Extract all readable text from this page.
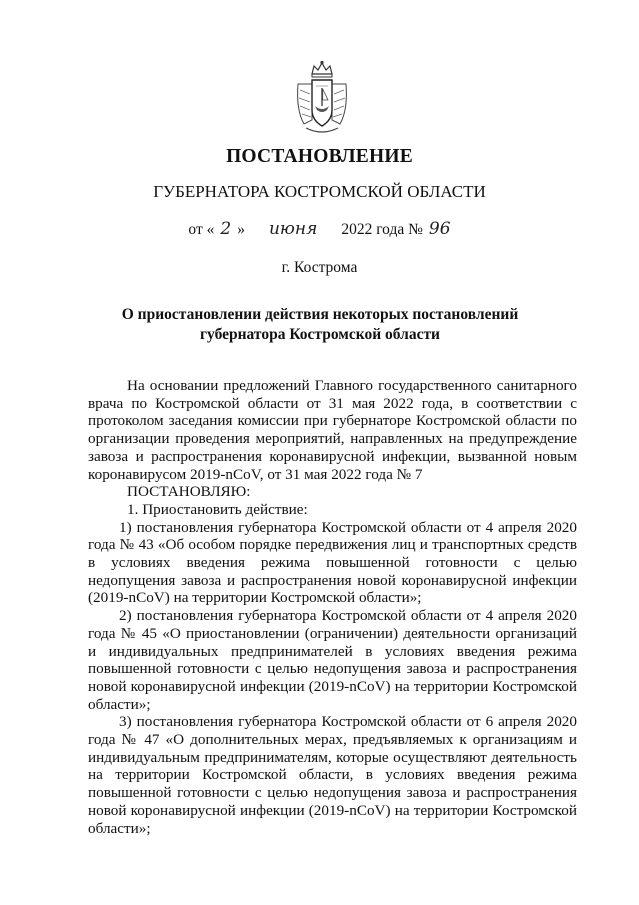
ПОСТАНОВЛЕНИЕ
ГУБЕРНАТОРА КОСТРОМСКОЙ ОБЛАСТИ
от « 2 » июня 2022 года № 96
г. Кострома
О приостановлении действия некоторых постановлений губернатора Костромской области

На основании предложений Главного государственного санитарного врача по Костромской области от 31 мая 2022 года, в соответствии с протоколом заседания комиссии при губернаторе Костромской области по организации проведения мероприятий, направленных на предупреждение завоза и распространения коронавирусной инфекции, вызванной новым коронавирусом 2019-nCoV, от 31 мая 2022 года № 7

ПОСТАНОВЛЯЮ:

1. Приостановить действие:

1) постановления губернатора Костромской области от 4 апреля 2020 года № 43 «Об особом порядке передвижения лиц и транспортных средств в условиях введения режима повышенной готовности с целью недопущения завоза и распространения новой коронавирусной инфекции (2019-nCoV) на территории Костромской области»;

2) постановления губернатора Костромской области от 4 апреля 2020 года № 45 «О приостановлении (ограничении) деятельности организаций и индивидуальных предпринимателей в условиях введения режима повышенной готовности с целью недопущения завоза и распространения новой коронавирусной инфекции (2019-nCoV) на территории Костромской области»;

3) постановления губернатора Костромской области от 6 апреля 2020 года № 47 «О дополнительных мерах, предъявляемых к организациям и индивидуальным предпринимателям, которые осуществляют деятельность на территории Костромской области, в условиях введения режима повышенной готовности с целью недопущения завоза и распространения новой коронавирусной инфекции (2019-nCoV) на территории Костромской области»;
